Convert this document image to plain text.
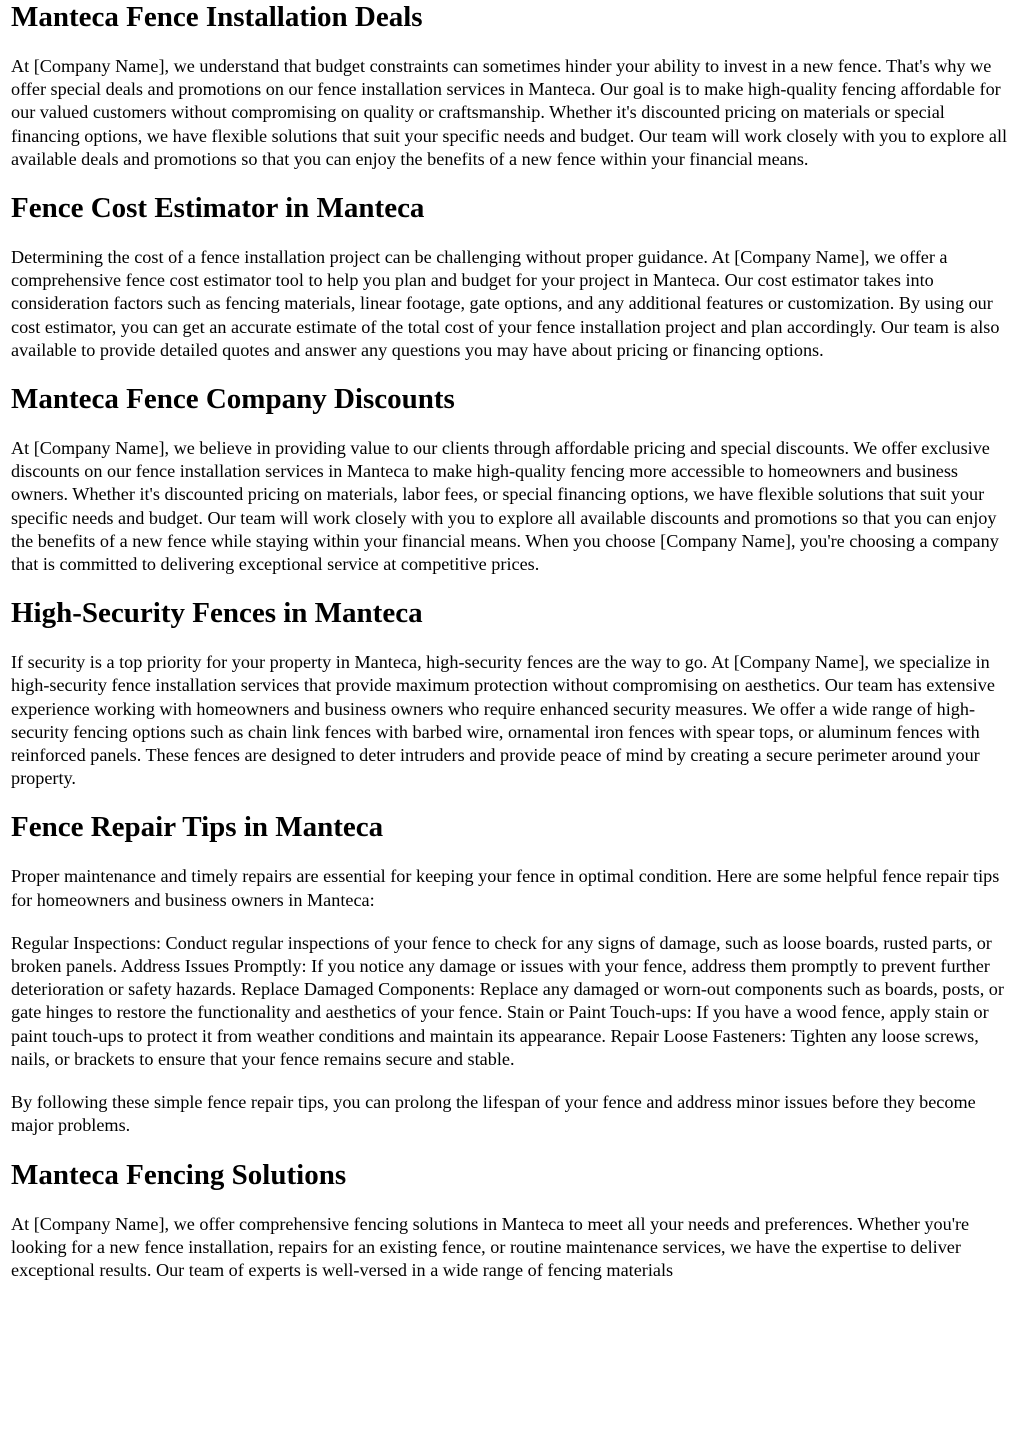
Manteca Fence Installation Deals

At [Company Name], we understand that budget constraints can sometimes hinder your ability to invest in a new fence. That's why we offer special deals and promotions on our fence installation services in Manteca. Our goal is to make high-quality fencing affordable for our valued customers without compromising on quality or craftsmanship. Whether it's discounted pricing on materials or special financing options, we have flexible solutions that suit your specific needs and budget. Our team will work closely with you to explore all available deals and promotions so that you can enjoy the benefits of a new fence within your financial means.

Fence Cost Estimator in Manteca

Determining the cost of a fence installation project can be challenging without proper guidance. At [Company Name], we offer a comprehensive fence cost estimator tool to help you plan and budget for your project in Manteca. Our cost estimator takes into consideration factors such as fencing materials, linear footage, gate options, and any additional features or customization. By using our cost estimator, you can get an accurate estimate of the total cost of your fence installation project and plan accordingly. Our team is also available to provide detailed quotes and answer any questions you may have about pricing or financing options.

Manteca Fence Company Discounts

At [Company Name], we believe in providing value to our clients through affordable pricing and special discounts. We offer exclusive discounts on our fence installation services in Manteca to make high-quality fencing more accessible to homeowners and business owners. Whether it's discounted pricing on materials, labor fees, or special financing options, we have flexible solutions that suit your specific needs and budget. Our team will work closely with you to explore all available discounts and promotions so that you can enjoy the benefits of a new fence while staying within your financial means. When you choose [Company Name], you're choosing a company that is committed to delivering exceptional service at competitive prices.

High-Security Fences in Manteca

If security is a top priority for your property in Manteca, high-security fences are the way to go. At [Company Name], we specialize in high-security fence installation services that provide maximum protection without compromising on aesthetics. Our team has extensive experience working with homeowners and business owners who require enhanced security measures. We offer a wide range of high-security fencing options such as chain link fences with barbed wire, ornamental iron fences with spear tops, or aluminum fences with reinforced panels. These fences are designed to deter intruders and provide peace of mind by creating a secure perimeter around your property.

Fence Repair Tips in Manteca

Proper maintenance and timely repairs are essential for keeping your fence in optimal condition. Here are some helpful fence repair tips for homeowners and business owners in Manteca:

Regular Inspections: Conduct regular inspections of your fence to check for any signs of damage, such as loose boards, rusted parts, or broken panels. Address Issues Promptly: If you notice any damage or issues with your fence, address them promptly to prevent further deterioration or safety hazards. Replace Damaged Components: Replace any damaged or worn-out components such as boards, posts, or gate hinges to restore the functionality and aesthetics of your fence. Stain or Paint Touch-ups: If you have a wood fence, apply stain or paint touch-ups to protect it from weather conditions and maintain its appearance. Repair Loose Fasteners: Tighten any loose screws, nails, or brackets to ensure that your fence remains secure and stable.

By following these simple fence repair tips, you can prolong the lifespan of your fence and address minor issues before they become major problems.

Manteca Fencing Solutions

At [Company Name], we offer comprehensive fencing solutions in Manteca to meet all your needs and preferences. Whether you're looking for a new fence installation, repairs for an existing fence, or routine maintenance services, we have the expertise to deliver exceptional results. Our team of experts is well-versed in a wide range of fencing materials
